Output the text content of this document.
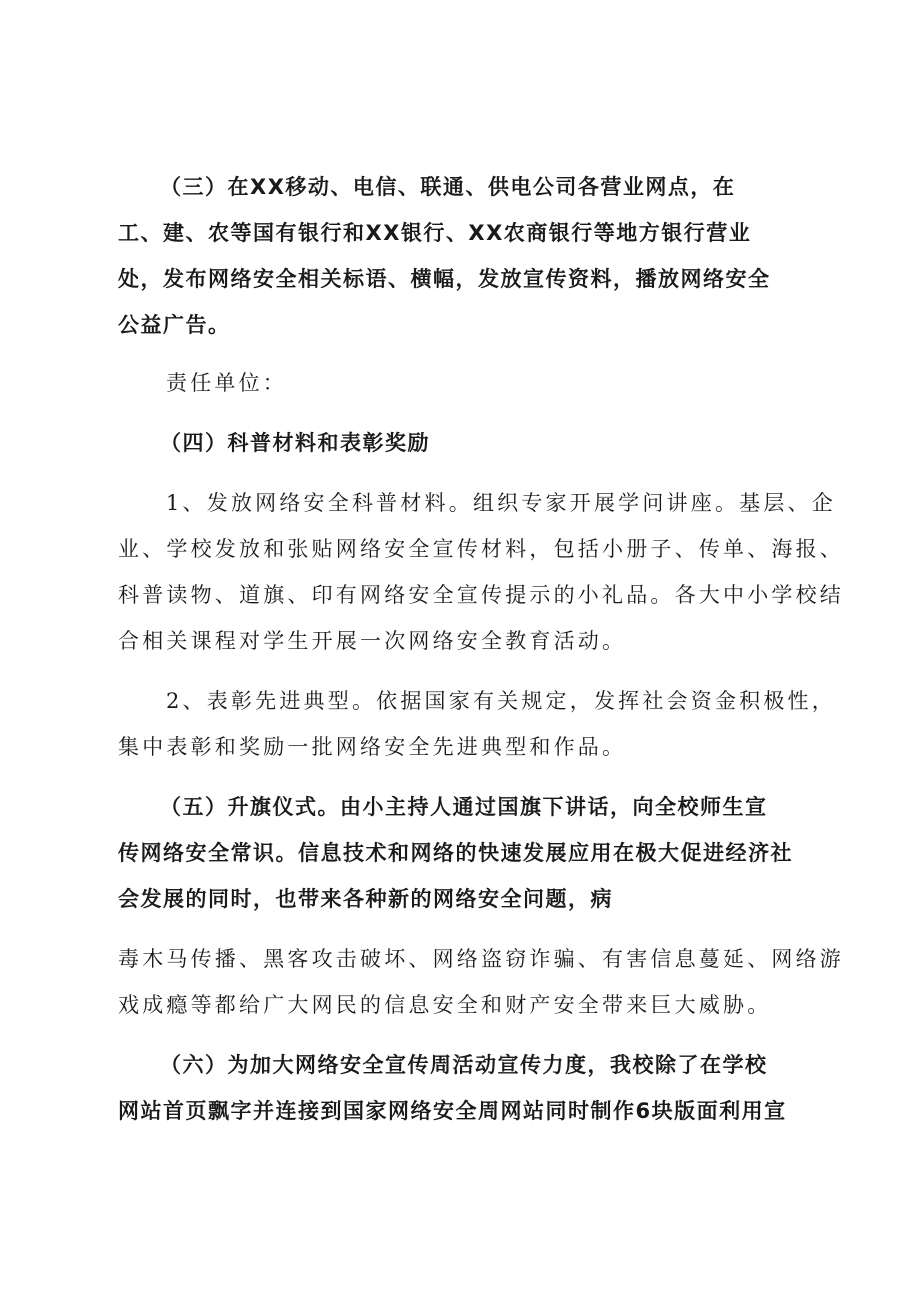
（三）在XX移动、电信、联通、供电公司各营业网点，在
工、建、农等国有银行和XX银行、XX农商银行等地方银行营业
处，发布网络安全相关标语、横幅，发放宣传资料，播放网络安全
公益广告。
责任单位：
（四）科普材料和表彰奖励
1、发放网络安全科普材料。组织专家开展学问讲座。基层、企
业、学校发放和张贴网络安全宣传材料，包括小册子、传单、海报、
科普读物、道旗、印有网络安全宣传提示的小礼品。各大中小学校结
合相关课程对学生开展一次网络安全教育活动。
2、表彰先进典型。依据国家有关规定，发挥社会资金积极性，
集中表彰和奖励一批网络安全先进典型和作品。
（五）升旗仪式。由小主持人通过国旗下讲话，向全校师生宣
传网络安全常识。信息技术和网络的快速发展应用在极大促进经济社
会发展的同时，也带来各种新的网络安全问题，病
毒木马传播、黑客攻击破坏、网络盗窃诈骗、有害信息蔓延、网络游
戏成瘾等都给广大网民的信息安全和财产安全带来巨大威胁。
（六）为加大网络安全宣传周活动宣传力度，我校除了在学校
网站首页飘字并连接到国家网络安全周网站同时制作6块版面利用宣
